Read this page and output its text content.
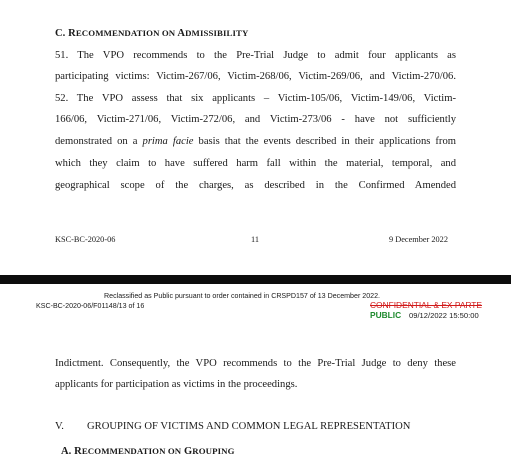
C. RECOMMENDATION ON ADMISSIBILITY
51. The VPO recommends to the Pre-Trial Judge to admit four applicants as
participating victims: Victim-267/06, Victim-268/06, Victim-269/06, and Victim-270/06.
52. The VPO assess that six applicants – Victim-105/06, Victim-149/06, Victim-
166/06, Victim-271/06, Victim-272/06, and Victim-273/06 - have not sufficiently
demonstrated on a prima facie basis that the events described in their applications from
which they claim to have suffered harm fall within the material, temporal, and
geographical scope of the charges, as described in the Confirmed Amended
KSC-BC-2020-06	11	9 December 2022
Reclassified as Public pursuant to order contained in CRSPD157 of 13 December 2022.
KSC-BC-2020-06/F01148/13 of 16	CONFIDENTIAL & EX PARTE
PUBLIC 09/12/2022 15:50:00
Indictment. Consequently, the VPO recommends to the Pre-Trial Judge to deny these
applicants for participation as victims in the proceedings.
V. GROUPING OF VICTIMS AND COMMON LEGAL REPRESENTATION
A. RECOMMENDATION ON GROUPING
